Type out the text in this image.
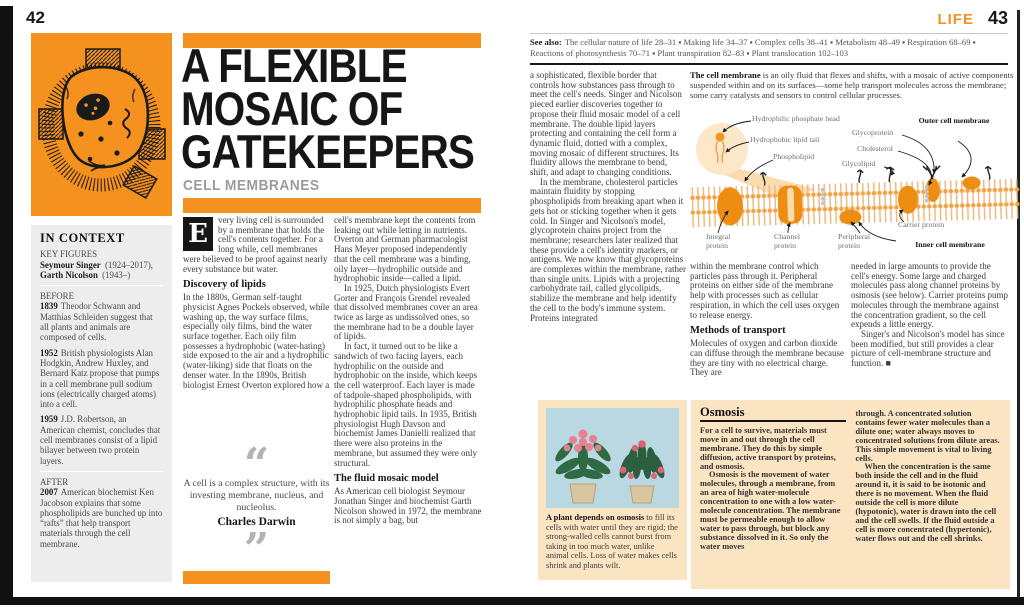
42
IN CONTEXT
KEY FIGURES
Seymour Singer (1924–2017),
Garth Nicolson (1943–)
BEFORE

1839 Theodor Schwann and Matthias Schleiden suggest that all plants and animals are composed of cells.

1952 British physiologists Alan Hodgkin, Andrew Huxley, and Bernard Katz propose that pumps in a cell membrane pull sodium ions (electrically charged atoms) into a cell.

1959 J.D. Robertson, an American chemist, concludes that cell membranes consist of a lipid bilayer between two protein layers.

AFTER

2007 American biochemist Ken Jacobson explains that some phospholipids are bunched up into “rafts” that help transport materials through the cell membrane.

A FLEXIBLE
MOSAIC OF
GATEKEEPERS
CELL MEMBRANES
E	very living cell is surrounded by a membrane that holds the cell's contents together. For a long while, cell membranes were believed to be proof against nearly every substance but water.
Discovery of lipids

In the 1880s, German self-taught physicist Agnes Pockels observed, while washing up, the way surface films, especially oily films, bind the water surface together. Each oily film possesses a hydrophobic (water-hating) side exposed to the air and a hydrophilic (water-liking) side that floats on the denser water. In the 1890s, British biologist Ernest Overton explored how a

“
A cell is a complex structure, with its investing membrane, nucleus, and nucleolus.
Charles Darwin
”

cell's membrane kept the contents from leaking out while letting in nutrients. Overton and German pharmacologist Hans Meyer proposed independently that the cell membrane was a binding, oily layer—hydrophilic outside and hydrophobic inside—called a lipid.

In 1925, Dutch physiologists Evert Gorter and François Grendel revealed that dissolved membranes cover an area twice as large as undissolved ones, so the membrane had to be a double layer of lipids.

In fact, it turned out to be like a sandwich of two facing layers, each hydrophilic on the outside and hydrophobic on the inside, which keeps the cell waterproof. Each layer is made of tadpole-shaped phospholipids, with hydrophilic phosphate heads and hydrophobic lipid tails. In 1935, British physiologist Hugh Davson and biochemist James Danielli realized that there were also proteins in the membrane, but assumed they were only structural.

The fluid mosaic model

As American cell biologist Seymour Jonathan Singer and biochemist Garth Nicolson showed in 1972, the membrane is not simply a bag, but

LIFE 43
See also: The cellular nature of life 28–31 ▪ Making life 34–37 ▪ Complex cells 38–41 ▪ Metabolism 48–49 ▪ Respiration 68–69 ▪ Reactions of photosynthesis 70–71 ▪ Plant transpiration 82–83 ▪ Plant translocation 102–103

a sophisticated, flexible border that controls how substances pass through to meet the cell's needs. Singer and Nicolson pieced earlier discoveries together to propose their fluid mosaic model of a cell membrane. The double lipid layers protecting and containing the cell form a dynamic fluid, dotted with a complex, moving mosaic of different structures. Its fluidity allows the membrane to bend, shift, and adapt to changing conditions.

In the membrane, cholesterol particles maintain fluidity by stopping phospholipids from breaking apart when it gets hot or sticking together when it gets cold. In Singer and Nicolson's model, glycoprotein chains project from the membrane; researchers later realized that these provide a cell's identity markers, or antigens. We now know that glycoproteins are complexes within the membrane, rather than single units. Lipids with a projecting carbohydrate tail, called glycolipids, stabilize the membrane and help identify the cell to the body's immune system. Proteins integrated

The cell membrane is an oily fluid that flexes and shifts, with a mosaic of active components suspended within and on its surfaces—some help transport molecules across the membrane; some carry catalysts and sensors to control cellular processes.

Hydrophilic phosphate head
Hydrophobic lipid tail
Phospholipid
Glycoprotein
Cholesterol
Glycolipid
Outer cell membrane
Integral protein
Channel protein
Peripheral protein
Carrier protein
Inner cell membrane

within the membrane control which particles pass through it. Peripheral proteins on either side of the membrane help with processes such as cellular respiration, in which the cell uses oxygen to release energy.

Methods of transport

Molecules of oxygen and carbon dioxide can diffuse through the membrane because they are tiny with no electrical charge. They are

needed in large amounts to provide the cell's energy. Some large and charged molecules pass along channel proteins by osmosis (see below). Carrier proteins pump molecules through the membrane against the concentration gradient, so the cell expends a little energy.

Singer's and Nicolson's model has since been modified, but still provides a clear picture of cell-membrane structure and function. ■

A plant depends on osmosis to fill its cells with water until they are rigid; the strong-walled cells cannot burst from taking in too much water, unlike animal cells. Loss of water makes cells shrink and plants wilt.

Osmosis

For a cell to survive, materials must move in and out through the cell membrane. They do this by simple diffusion, active transport by proteins, and osmosis.

Osmosis is the movement of water molecules, through a membrane, from an area of high water-molecule concentration to one with a low water-molecule concentration. The membrane must be permeable enough to allow water to pass through, but block any substance dissolved in it. So only the water moves

through. A concentrated solution contains fewer water molecules than a dilute one; water always moves to concentrated solutions from dilute areas. This simple movement is vital to living cells.

When the concentration is the same both inside the cell and in the fluid around it, it is said to be isotonic and there is no movement. When the fluid outside the cell is more dilute (hypotonic), water is drawn into the cell and the cell swells. If the fluid outside a cell is more concentrated (hypertonic), water flows out and the cell shrinks.
